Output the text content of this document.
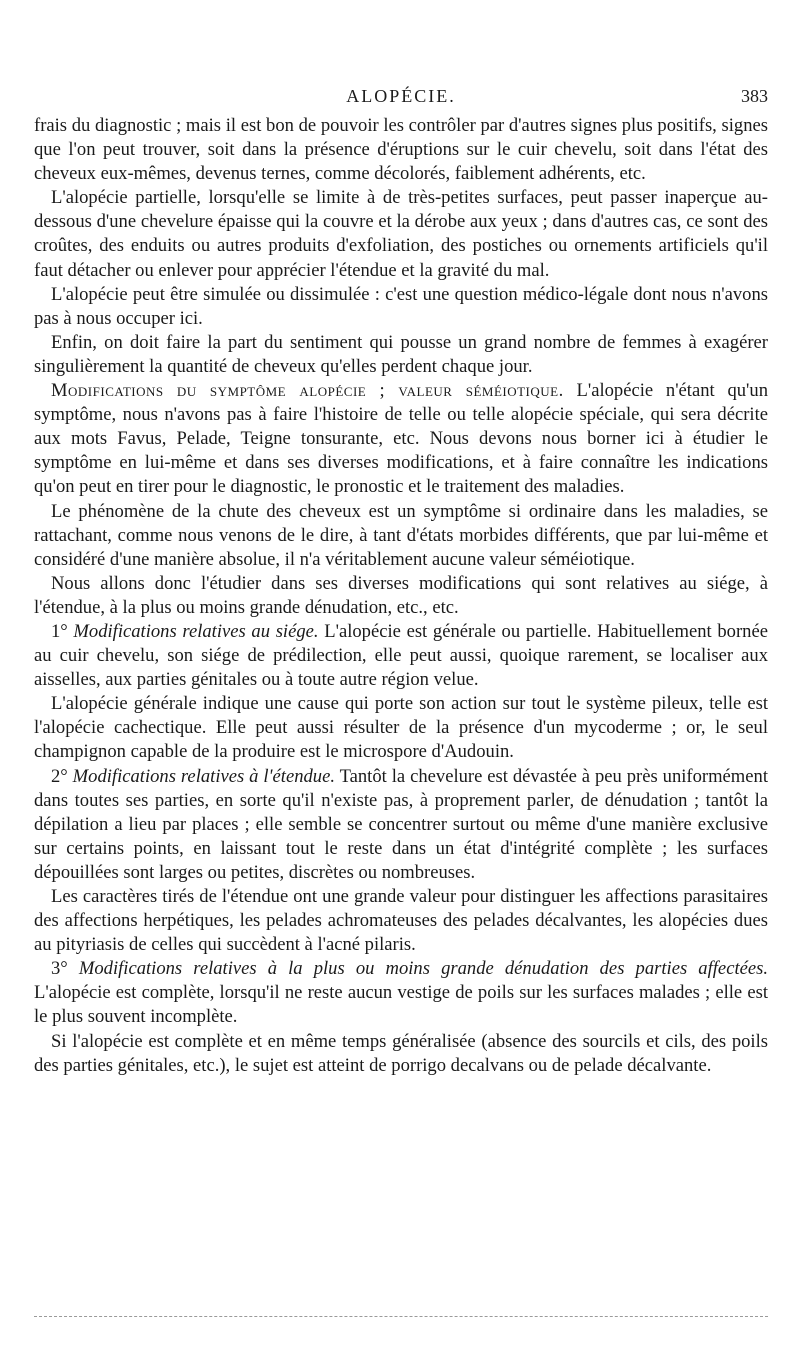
ALOPÉCIE.	383

frais du diagnostic ; mais il est bon de pouvoir les contrôler par d'autres signes plus positifs, signes que l'on peut trouver, soit dans la présence d'éruptions sur le cuir chevelu, soit dans l'état des cheveux eux-mêmes, devenus ternes, comme décolorés, faiblement adhérents, etc.

L'alopécie partielle, lorsqu'elle se limite à de très-petites surfaces, peut passer inaperçue au-dessous d'une chevelure épaisse qui la couvre et la dérobe aux yeux ; dans d'autres cas, ce sont des croûtes, des enduits ou autres produits d'exfoliation, des postiches ou ornements artificiels qu'il faut détacher ou enlever pour apprécier l'étendue et la gravité du mal.

L'alopécie peut être simulée ou dissimulée : c'est une question médico-légale dont nous n'avons pas à nous occuper ici.

Enfin, on doit faire la part du sentiment qui pousse un grand nombre de femmes à exagérer singulièrement la quantité de cheveux qu'elles perdent chaque jour.

Modifications du symptôme alopécie ; valeur séméiotique. L'alopécie n'étant qu'un symptôme, nous n'avons pas à faire l'histoire de telle ou telle alopécie spéciale, qui sera décrite aux mots Favus, Pelade, Teigne tonsurante, etc. Nous devons nous borner ici à étudier le symptôme en lui-même et dans ses diverses modifications, et à faire connaître les indications qu'on peut en tirer pour le diagnostic, le pronostic et le traitement des maladies.

Le phénomène de la chute des cheveux est un symptôme si ordinaire dans les maladies, se rattachant, comme nous venons de le dire, à tant d'états morbides différents, que par lui-même et considéré d'une manière absolue, il n'a véritablement aucune valeur séméiotique.

Nous allons donc l'étudier dans ses diverses modifications qui sont relatives au siége, à l'étendue, à la plus ou moins grande dénudation, etc., etc.

1° Modifications relatives au siége. L'alopécie est générale ou partielle. Habituellement bornée au cuir chevelu, son siége de prédilection, elle peut aussi, quoique rarement, se localiser aux aisselles, aux parties génitales ou à toute autre région velue.

L'alopécie générale indique une cause qui porte son action sur tout le système pileux, telle est l'alopécie cachectique. Elle peut aussi résulter de la présence d'un mycoderme ; or, le seul champignon capable de la produire est le microspore d'Audouin.

2° Modifications relatives à l'étendue. Tantôt la chevelure est dévastée à peu près uniformément dans toutes ses parties, en sorte qu'il n'existe pas, à proprement parler, de dénudation ; tantôt la dépilation a lieu par places ; elle semble se concentrer surtout ou même d'une manière exclusive sur certains points, en laissant tout le reste dans un état d'intégrité complète ; les surfaces dépouillées sont larges ou petites, discrètes ou nombreuses.

Les caractères tirés de l'étendue ont une grande valeur pour distinguer les affections parasitaires des affections herpétiques, les pelades achromateuses des pelades décalvantes, les alopécies dues au pityriasis de celles qui succèdent à l'acné pilaris.

3° Modifications relatives à la plus ou moins grande dénudation des parties affectées. L'alopécie est complète, lorsqu'il ne reste aucun vestige de poils sur les surfaces malades ; elle est le plus souvent incomplète.

Si l'alopécie est complète et en même temps généralisée (absence des sourcils et cils, des poils des parties génitales, etc.), le sujet est atteint de porrigo decalvans ou de pelade décalvante.
